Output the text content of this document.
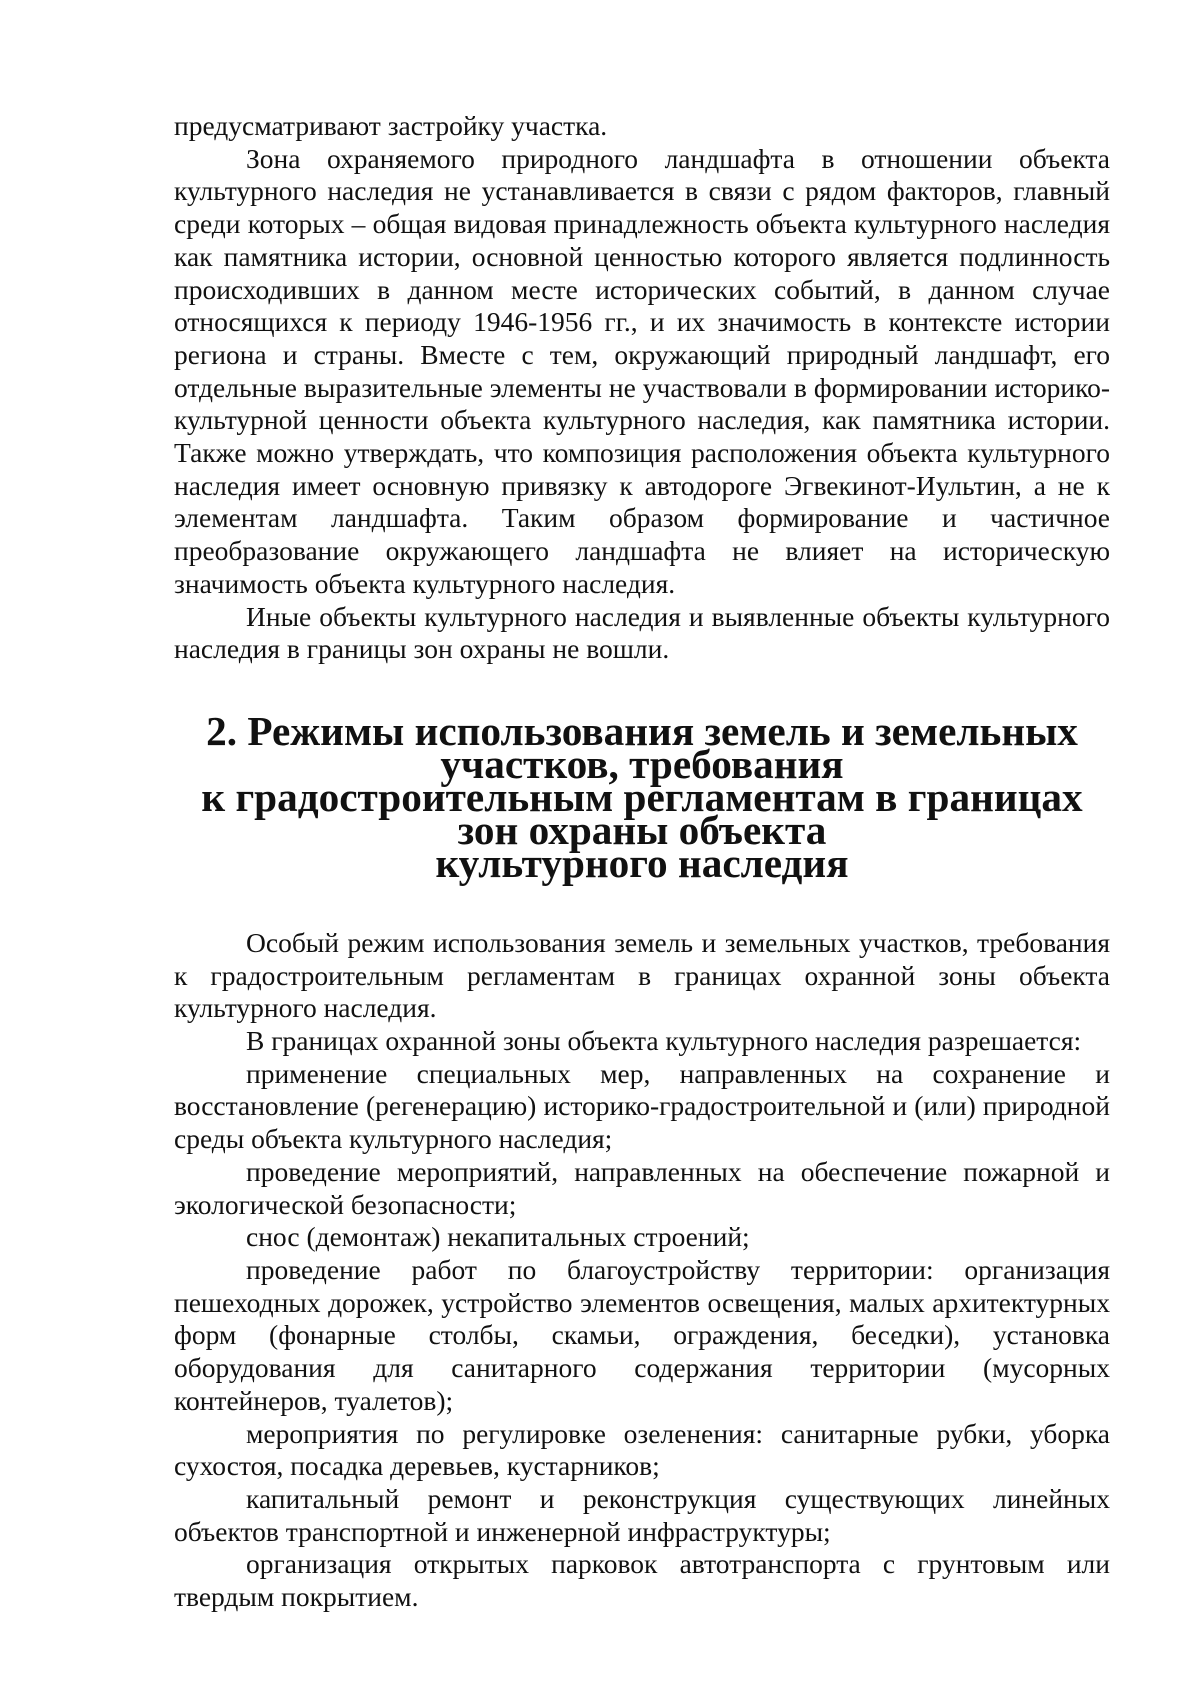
предусматривают застройку участка.

Зона охраняемого природного ландшафта в отношении объекта культурного наследия не устанавливается в связи с рядом факторов, главный среди которых – общая видовая принадлежность объекта культурного наследия как памятника истории, основной ценностью которого является подлинность происходивших в данном месте исторических событий, в данном случае относящихся к периоду 1946-1956 гг., и их значимость в контексте истории региона и страны. Вместе с тем, окружающий природный ландшафт, его отдельные выразительные элементы не участвовали в формировании историко-культурной ценности объекта культурного наследия, как памятника истории. Также можно утверждать, что композиция расположения объекта культурного наследия имеет основную привязку к автодороге Эгвекинот-Иультин, а не к элементам ландшафта. Таким образом формирование и частичное преобразование окружающего ландшафта не влияет на историческую значимость объекта культурного наследия.

Иные объекты культурного наследия и выявленные объекты культурного наследия в границы зон охраны не вошли.

2. Режимы использования земель и земельных участков, требования
к градостроительным регламентам в границах зон охраны объекта
культурного наследия

Особый режим использования земель и земельных участков, требования к градостроительным регламентам в границах охранной зоны объекта культурного наследия.

В границах охранной зоны объекта культурного наследия разрешается:

применение специальных мер, направленных на сохранение и восстановление (регенерацию) историко-градостроительной и (или) природной среды объекта культурного наследия;

проведение мероприятий, направленных на обеспечение пожарной и экологической безопасности;

снос (демонтаж) некапитальных строений;

проведение работ по благоустройству территории: организация пешеходных дорожек, устройство элементов освещения, малых архитектурных форм (фонарные столбы, скамьи, ограждения, беседки), установка оборудования для санитарного содержания территории (мусорных контейнеров, туалетов);

мероприятия по регулировке озеленения: санитарные рубки, уборка сухостоя, посадка деревьев, кустарников;

капитальный ремонт и реконструкция существующих линейных объектов транспортной и инженерной инфраструктуры;

организация открытых парковок автотранспорта с грунтовым или твердым покрытием.
